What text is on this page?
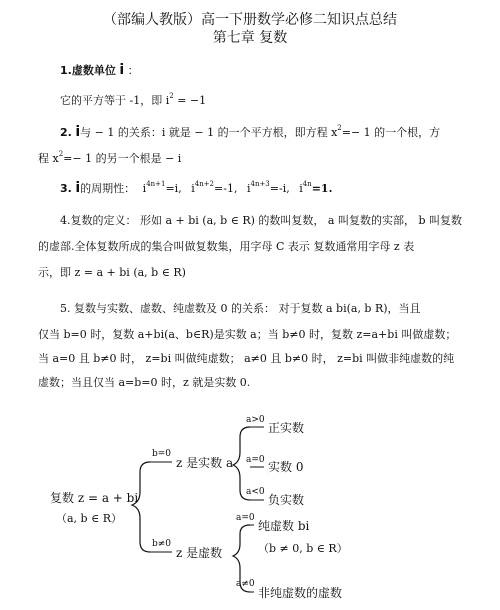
（部编人教版）高一下册数学必修二知识点总结
第七章 复数
1.虚数单位 i ：
它的平方等于 -1，即 $i^2 = -1$
2. i与 − 1 的关系：i 就是 − 1 的一个平方根，即方程 $x^2=- 1$ 的一个根，方
程 $x^2=- 1$ 的另一个根是 − i
3. i的周期性： $i^{4n+1}=i$, $i^{4n+2}=-1$, $i^{4n+3}=-i$, $i^{4n}=1$.
4.复数的定义： 形如 a + bi (a, b ∈ R) 的数叫复数， a 叫复数的实部， b 叫复数
的虚部.全体复数所成的集合叫做复数集，用字母 C 表示 复数通常用字母 z 表
示，即 z = a + bi (a, b ∈ R)
5. 复数与实数、虚数、纯虚数及 0 的关系： 对于复数 a bi(a, b R)，当且
仅当 b=0 时，复数 a+bi(a、b∈R)是实数 a；当 b≠0 时，复数 z=a+bi 叫做虚数；
当 a=0 且 b≠0 时， z=bi 叫做纯虚数； a≠0 且 b≠0 时， z=bi 叫做非纯虚数的纯
虚数；当且仅当 a=b=0 时，z 就是实数 0.
b=0
b≠0
a>0
a=0
a<0
a=0
a≠0
复数 z = a + bi
（a, b ∈ R）
z 是实数 a
z 是虚数
正实数
实数 0
负实数
纯虚数 bi
（b ≠ 0, b ∈ R）
非纯虚数的虚数
